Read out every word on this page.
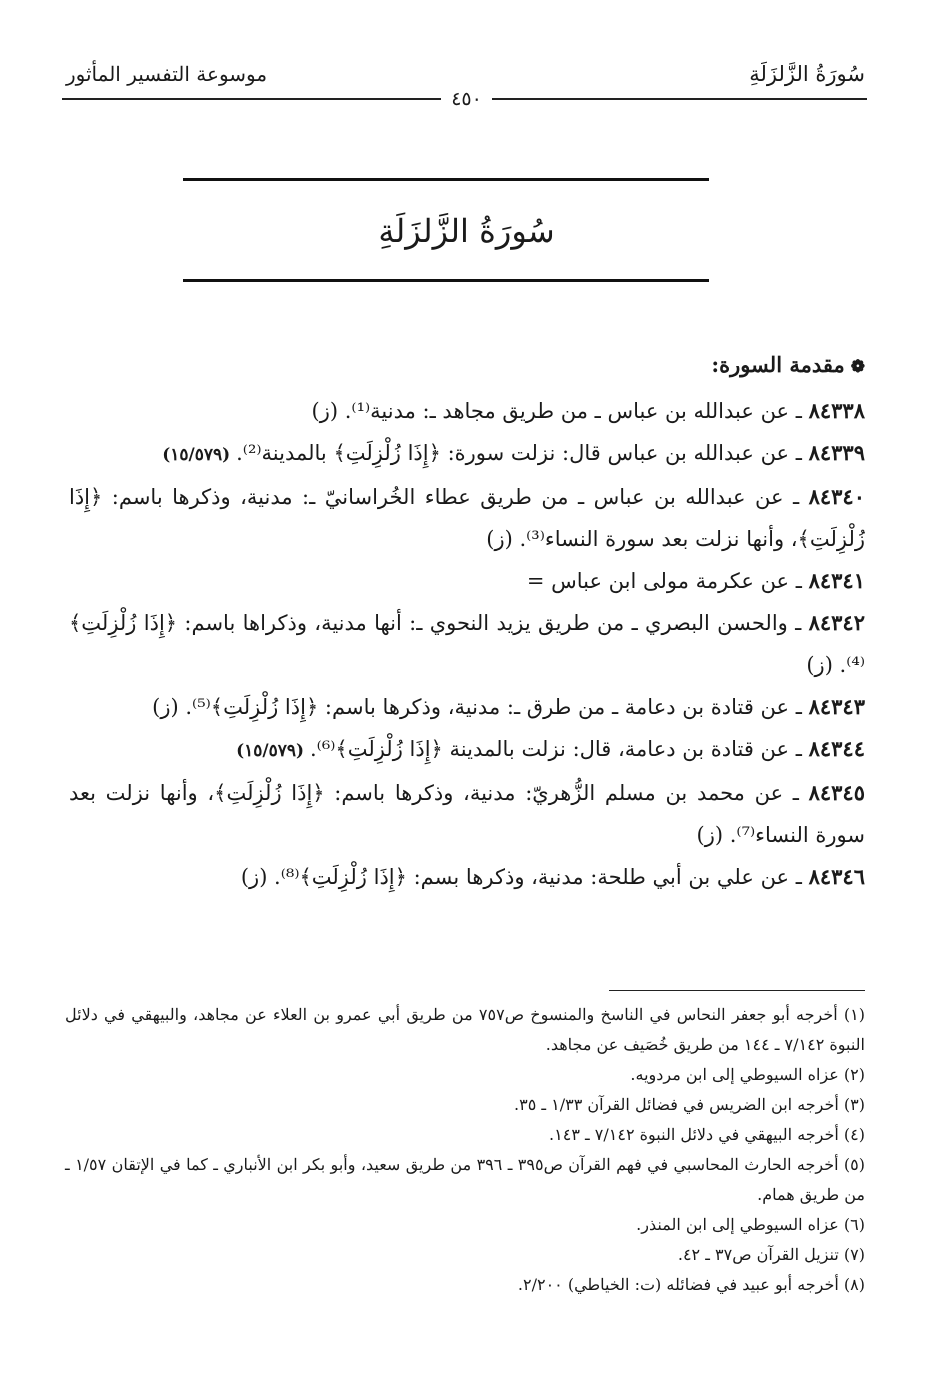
سُورَةُ الزَّلزَلَةِ
موسوعة التفسير المأثور
٤٥٠
سُورَةُ الزَّلزَلَةِ
❁مقدمة السورة:
٨٤٣٣٨ ـ عن عبدالله بن عباس ـ من طريق مجاهد ـ: مدنية⁽¹⁾. (ز)
٨٤٣٣٩ ـ عن عبدالله بن عباس قال: نزلت سورة: ﴿إِذَا زُلْزِلَتِ﴾ بالمدينة⁽²⁾. (١٥/٥٧٩)
٨٤٣٤٠ ـ عن عبدالله بن عباس ـ من طريق عطاء الخُراسانيّ ـ: مدنية، وذكرها باسم: ﴿إِذَا زُلْزِلَتِ﴾، وأنها نزلت بعد سورة النساء⁽³⁾. (ز)
٨٤٣٤١ ـ عن عكرمة مولى ابن عباس =
٨٤٣٤٢ ـ والحسن البصري ـ من طريق يزيد النحوي ـ: أنها مدنية، وذكراها باسم: ﴿إِذَا زُلْزِلَتِ﴾⁽⁴⁾. (ز)
٨٤٣٤٣ ـ عن قتادة بن دعامة ـ من طرق ـ: مدنية، وذكرها باسم: ﴿إِذَا زُلْزِلَتِ﴾⁽⁵⁾. (ز)
٨٤٣٤٤ ـ عن قتادة بن دعامة، قال: نزلت بالمدينة ﴿إِذَا زُلْزِلَتِ﴾⁽⁶⁾. (١٥/٥٧٩)
٨٤٣٤٥ ـ عن محمد بن مسلم الزُّهريّ: مدنية، وذكرها باسم: ﴿إِذَا زُلْزِلَتِ﴾، وأنها نزلت بعد سورة النساء⁽⁷⁾. (ز)
٨٤٣٤٦ ـ عن علي بن أبي طلحة: مدنية، وذكرها بسم: ﴿إِذَا زُلْزِلَتِ﴾⁽⁸⁾. (ز)
(١) أخرجه أبو جعفر النحاس في الناسخ والمنسوخ ص٧٥٧ من طريق أبي عمرو بن العلاء عن مجاهد، والبيهقي في دلائل النبوة ٧/١٤٢ ـ ١٤٤ من طريق خُصَيف عن مجاهد.
(٢) عزاه السيوطي إلى ابن مردويه.
(٣) أخرجه ابن الضريس في فضائل القرآن ١/٣٣ ـ ٣٥.
(٤) أخرجه البيهقي في دلائل النبوة ٧/١٤٢ ـ ١٤٣.
(٥) أخرجه الحارث المحاسبي في فهم القرآن ص٣٩٥ ـ ٣٩٦ من طريق سعيد، وأبو بكر ابن الأنباري ـ كما في الإتقان ١/٥٧ ـ من طريق همام.
(٦) عزاه السيوطي إلى ابن المنذر.
(٧) تنزيل القرآن ص٣٧ ـ ٤٢.
(٨) أخرجه أبو عبيد في فضائله (ت: الخياطي) ٢/٢٠٠.
